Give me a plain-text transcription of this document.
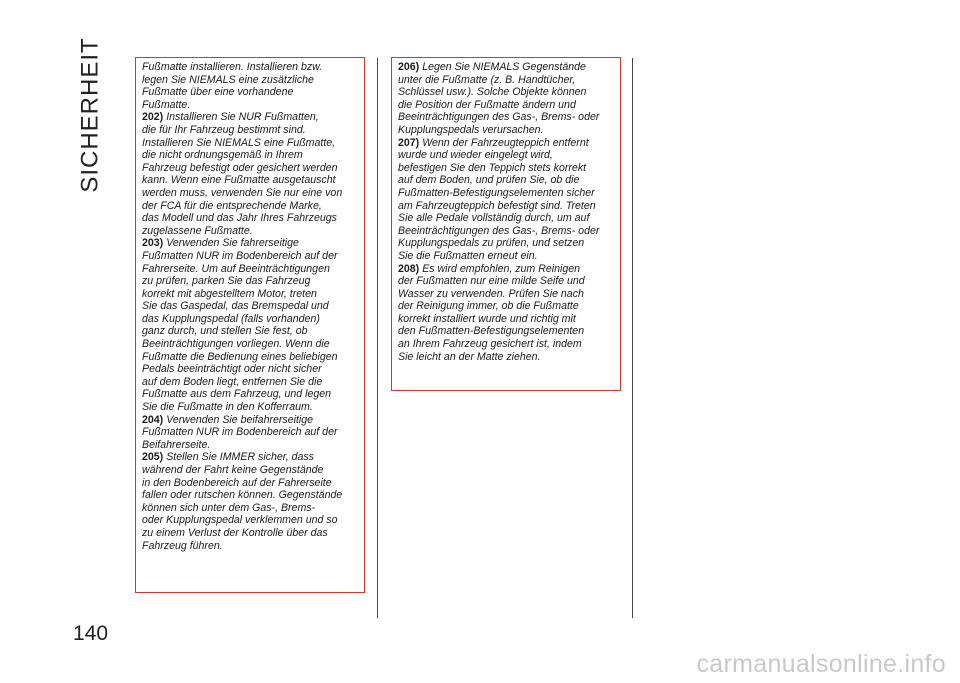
SICHERHEIT	Fußmatte installieren. Installieren bzw.

legen Sie NIEMALS eine zusätzliche

Fußmatte über eine vorhandene

Fußmatte.

202) Installieren Sie NUR Fußmatten,

die für Ihr Fahrzeug bestimmt sind.

Installieren Sie NIEMALS eine Fußmatte,

die nicht ordnungsgemäß in Ihrem

Fahrzeug befestigt oder gesichert werden

kann. Wenn eine Fußmatte ausgetauscht

werden muss, verwenden Sie nur eine von

der FCA für die entsprechende Marke,

das Modell und das Jahr Ihres Fahrzeugs

zugelassene Fußmatte.

203) Verwenden Sie fahrerseitige

Fußmatten NUR im Bodenbereich auf der

Fahrerseite. Um auf Beeinträchtigungen

zu prüfen, parken Sie das Fahrzeug

korrekt mit abgestelltem Motor, treten

Sie das Gaspedal, das Bremspedal und

das Kupplungspedal (falls vorhanden)

ganz durch, und stellen Sie fest, ob

Beeinträchtigungen vorliegen. Wenn die

Fußmatte die Bedienung eines beliebigen

Pedals beeinträchtigt oder nicht sicher

auf dem Boden liegt, entfernen Sie die

Fußmatte aus dem Fahrzeug, und legen

Sie die Fußmatte in den Kofferraum.

204) Verwenden Sie beifahrerseitige

Fußmatten NUR im Bodenbereich auf der

Beifahrerseite.

205) Stellen Sie IMMER sicher, dass

während der Fahrt keine Gegenstände

in den Bodenbereich auf der Fahrerseite

fallen oder rutschen können. Gegenstände

können sich unter dem Gas-, Brems-

oder Kupplungspedal verklemmen und so

zu einem Verlust der Kontrolle über das

Fahrzeug führen.

206) Legen Sie NIEMALS Gegenstände

unter die Fußmatte (z. B. Handtücher,

Schlüssel usw.). Solche Objekte können

die Position der Fußmatte ändern und

Beeinträchtigungen des Gas-, Brems- oder

Kupplungspedals verursachen.

207) Wenn der Fahrzeugteppich entfernt

wurde und wieder eingelegt wird,

befestigen Sie den Teppich stets korrekt

auf dem Boden, und prüfen Sie, ob die

Fußmatten-Befestigungselementen sicher

am Fahrzeugteppich befestigt sind. Treten

Sie alle Pedale vollständig durch, um auf

Beeinträchtigungen des Gas-, Brems- oder

Kupplungspedals zu prüfen, und setzen

Sie die Fußmatten erneut ein.

208) Es wird empfohlen, zum Reinigen

der Fußmatten nur eine milde Seife und

Wasser zu verwenden. Prüfen Sie nach

der Reinigung immer, ob die Fußmatte

korrekt installiert wurde und richtig mit

den Fußmatten-Befestigungselementen

an Ihrem Fahrzeug gesichert ist, indem

Sie leicht an der Matte ziehen.

140
carmanualsonline.info
